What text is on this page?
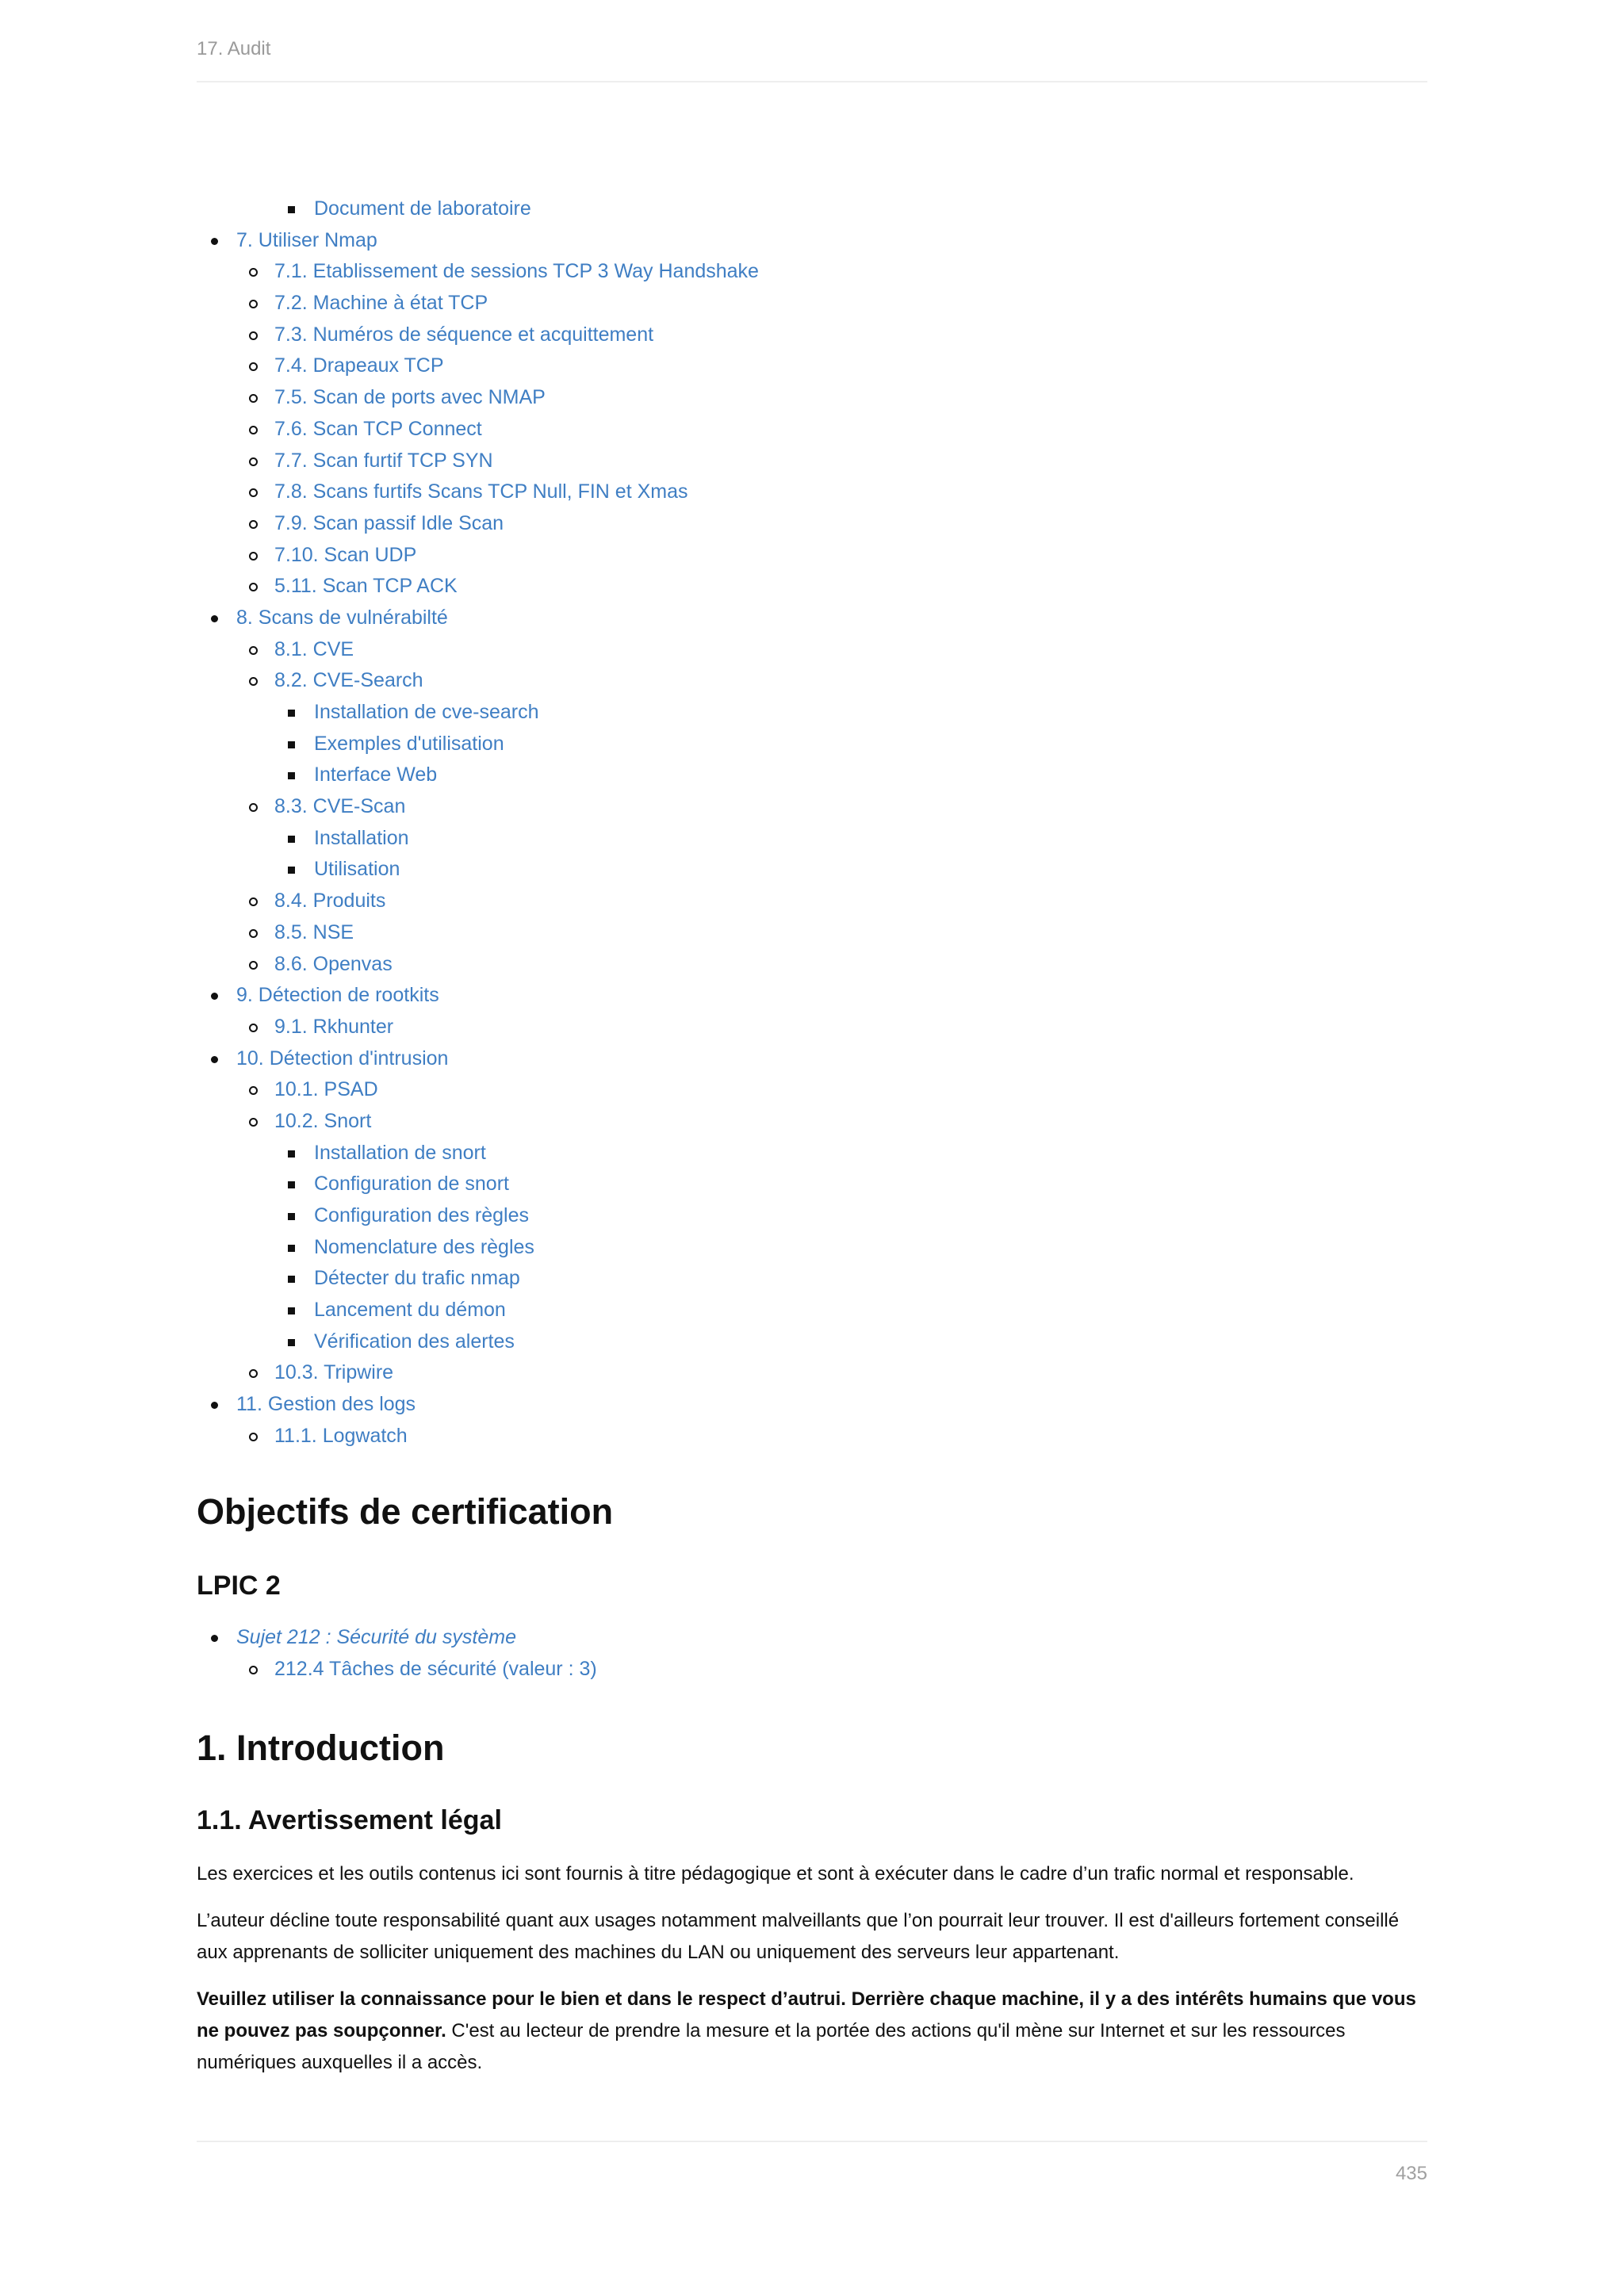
17. Audit
Document de laboratoire
7. Utiliser Nmap
7.1. Etablissement de sessions TCP 3 Way Handshake
7.2. Machine à état TCP
7.3. Numéros de séquence et acquittement
7.4. Drapeaux TCP
7.5. Scan de ports avec NMAP
7.6. Scan TCP Connect
7.7. Scan furtif TCP SYN
7.8. Scans furtifs Scans TCP Null, FIN et Xmas
7.9. Scan passif Idle Scan
7.10. Scan UDP
5.11. Scan TCP ACK
8. Scans de vulnérabilté
8.1. CVE
8.2. CVE-Search
Installation de cve-search
Exemples d'utilisation
Interface Web
8.3. CVE-Scan
Installation
Utilisation
8.4. Produits
8.5. NSE
8.6. Openvas
9. Détection de rootkits
9.1. Rkhunter
10. Détection d'intrusion
10.1. PSAD
10.2. Snort
Installation de snort
Configuration de snort
Configuration des règles
Nomenclature des règles
Détecter du trafic nmap
Lancement du démon
Vérification des alertes
10.3. Tripwire
11. Gestion des logs
11.1. Logwatch
Objectifs de certification
LPIC 2
Sujet 212 : Sécurité du système
212.4 Tâches de sécurité (valeur : 3)
1. Introduction
1.1. Avertissement légal

Les exercices et les outils contenus ici sont fournis à titre pédagogique et sont à exécuter dans le cadre d’un trafic normal et responsable.

L’auteur décline toute responsabilité quant aux usages notamment malveillants que l’on pourrait leur trouver. Il est d'ailleurs fortement conseillé aux apprenants de solliciter uniquement des machines du LAN ou uniquement des serveurs leur appartenant.

Veuillez utiliser la connaissance pour le bien et dans le respect d’autrui. Derrière chaque machine, il y a des intérêts humains que vous ne pouvez pas soupçonner. C'est au lecteur de prendre la mesure et la portée des actions qu'il mène sur Internet et sur les ressources numériques auxquelles il a accès.

435
